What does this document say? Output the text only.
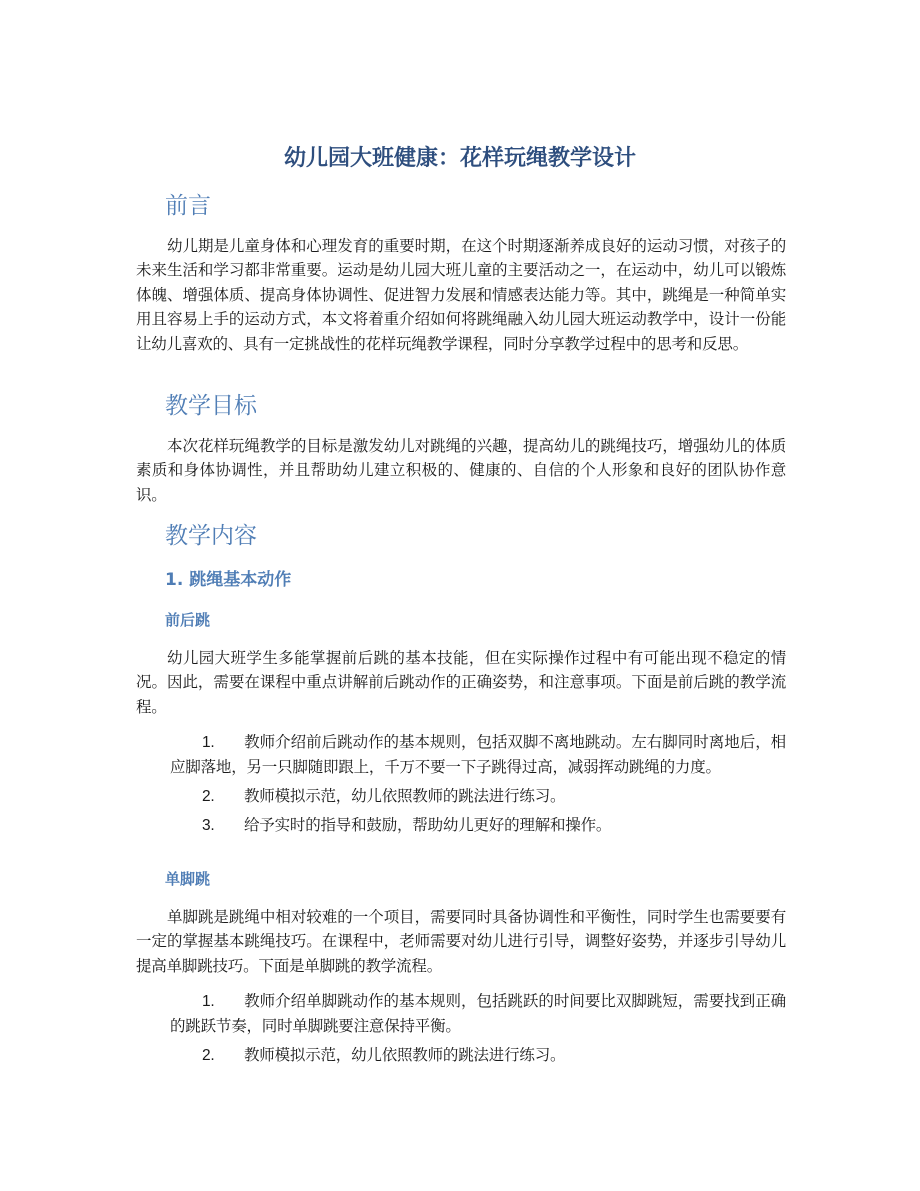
幼儿园大班健康：花样玩绳教学设计
前言

幼儿期是儿童身体和心理发育的重要时期，在这个时期逐渐养成良好的运动习惯，对孩子的未来生活和学习都非常重要。运动是幼儿园大班儿童的主要活动之一，在运动中，幼儿可以锻炼体魄、增强体质、提高身体协调性、促进智力发展和情感表达能力等。其中，跳绳是一种简单实用且容易上手的运动方式，本文将着重介绍如何将跳绳融入幼儿园大班运动教学中，设计一份能让幼儿喜欢的、具有一定挑战性的花样玩绳教学课程，同时分享教学过程中的思考和反思。

教学目标

本次花样玩绳教学的目标是激发幼儿对跳绳的兴趣，提高幼儿的跳绳技巧，增强幼儿的体质素质和身体协调性，并且帮助幼儿建立积极的、健康的、自信的个人形象和良好的团队协作意识。

教学内容
1. 跳绳基本动作
前后跳

幼儿园大班学生多能掌握前后跳的基本技能，但在实际操作过程中有可能出现不稳定的情况。因此，需要在课程中重点讲解前后跳动作的正确姿势，和注意事项。下面是前后跳的教学流程。

1. 教师介绍前后跳动作的基本规则，包括双脚不离地跳动。左右脚同时离地后，相应脚落地，另一只脚随即跟上，千万不要一下子跳得过高，减弱挥动跳绳的力度。
2. 教师模拟示范，幼儿依照教师的跳法进行练习。
3. 给予实时的指导和鼓励，帮助幼儿更好的理解和操作。
单脚跳

单脚跳是跳绳中相对较难的一个项目，需要同时具备协调性和平衡性，同时学生也需要要有一定的掌握基本跳绳技巧。在课程中，老师需要对幼儿进行引导，调整好姿势，并逐步引导幼儿提高单脚跳技巧。下面是单脚跳的教学流程。

1. 教师介绍单脚跳动作的基本规则，包括跳跃的时间要比双脚跳短，需要找到正确的跳跃节奏，同时单脚跳要注意保持平衡。
2. 教师模拟示范，幼儿依照教师的跳法进行练习。
